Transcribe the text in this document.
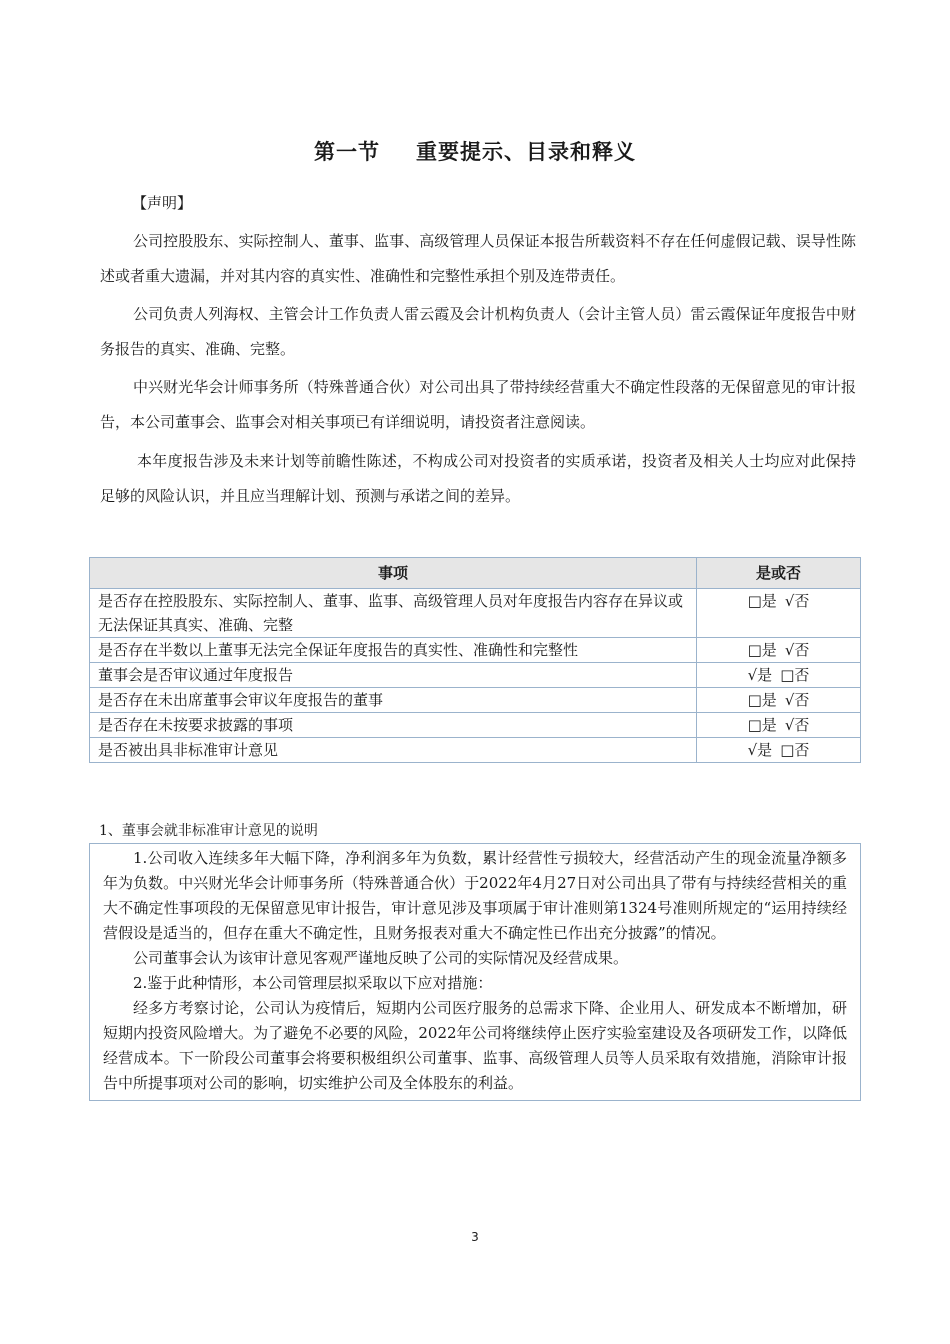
第一节 重要提示、目录和释义
【声明】

公司控股股东、实际控制人、董事、监事、高级管理人员保证本报告所载资料不存在任何虚假记载、误导性陈述或者重大遗漏，并对其内容的真实性、准确性和完整性承担个别及连带责任。

公司负责人列海权、主管会计工作负责人雷云霞及会计机构负责人（会计主管人员）雷云霞保证年度报告中财务报告的真实、准确、完整。

中兴财光华会计师事务所（特殊普通合伙）对公司出具了带持续经营重大不确定性段落的无保留意见的审计报告，本公司董事会、监事会对相关事项已有详细说明，请投资者注意阅读。

本年度报告涉及未来计划等前瞻性陈述，不构成公司对投资者的实质承诺，投资者及相关人士均应对此保持足够的风险认识，并且应当理解计划、预测与承诺之间的差异。

事项	是或否
是否存在控股股东、实际控制人、董事、监事、高级管理人员对年度报告内容存在异议或无法保证其真实、准确、完整	□是 √否
是否存在半数以上董事无法完全保证年度报告的真实性、准确性和完整性	□是 √否
董事会是否审议通过年度报告	√是 □否
是否存在未出席董事会审议年度报告的董事	□是 √否
是否存在未按要求披露的事项	□是 √否
是否被出具非标准审计意见	√是 □否
1、董事会就非标准审计意见的说明

1.公司收入连续多年大幅下降，净利润多年为负数，累计经营性亏损较大，经营活动产生的现金流量净额多年为负数。中兴财光华会计师事务所（特殊普通合伙）于2022年4月27日对公司出具了带有与持续经营相关的重大不确定性事项段的无保留意见审计报告，审计意见涉及事项属于审计准则第1324号准则所规定的“运用持续经营假设是适当的，但存在重大不确定性，且财务报表对重大不确定性已作出充分披露”的情况。

公司董事会认为该审计意见客观严谨地反映了公司的实际情况及经营成果。

2.鉴于此种情形，本公司管理层拟采取以下应对措施：

经多方考察讨论，公司认为疫情后，短期内公司医疗服务的总需求下降、企业用人、研发成本不断增加，研短期内投资风险增大。为了避免不必要的风险，2022年公司将继续停止医疗实验室建设及各项研发工作，以降低经营成本。下一阶段公司董事会将要积极组织公司董事、监事、高级管理人员等人员采取有效措施，消除审计报告中所提事项对公司的影响，切实维护公司及全体股东的利益。

3
